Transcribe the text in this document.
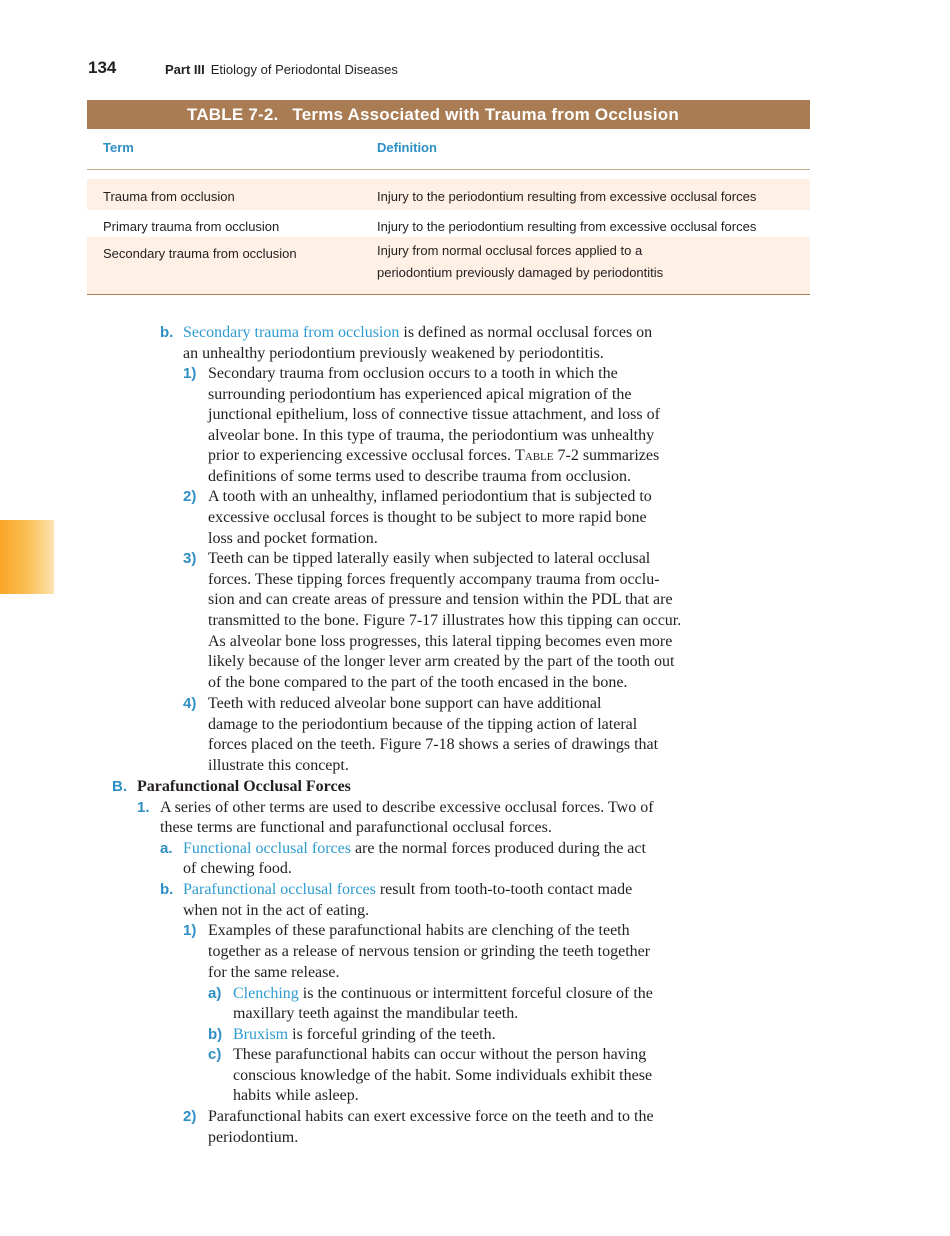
134	Part III Etiology of Periodontal Diseases
TABLE 7-2. Terms Associated with Trauma from Occlusion
Term	Definition
Trauma from occlusion	Injury to the periodontium resulting from excessive occlusal forces
Primary trauma from occlusion	Injury to the periodontium resulting from excessive occlusal forces
Secondary trauma from occlusion	Injury from normal occlusal forces applied to a
periodontium previously damaged by periodontitis
b. Secondary trauma from occlusion is defined as normal occlusal forces on
an unhealthy periodontium previously weakened by periodontitis.
1) Secondary trauma from occlusion occurs to a tooth in which the
surrounding periodontium has experienced apical migration of the
junctional epithelium, loss of connective tissue attachment, and loss of
alveolar bone. In this type of trauma, the periodontium was unhealthy
prior to experiencing excessive occlusal forces. Table 7-2 summarizes
definitions of some terms used to describe trauma from occlusion.
2) A tooth with an unhealthy, inflamed periodontium that is subjected to
excessive occlusal forces is thought to be subject to more rapid bone
loss and pocket formation.
3) Teeth can be tipped laterally easily when subjected to lateral occlusal
forces. These tipping forces frequently accompany trauma from occlu-
sion and can create areas of pressure and tension within the PDL that are
transmitted to the bone. Figure 7-17 illustrates how this tipping can occur.
As alveolar bone loss progresses, this lateral tipping becomes even more
likely because of the longer lever arm created by the part of the tooth out
of the bone compared to the part of the tooth encased in the bone.
4) Teeth with reduced alveolar bone support can have additional
damage to the periodontium because of the tipping action of lateral
forces placed on the teeth. Figure 7-18 shows a series of drawings that
illustrate this concept.
B. Parafunctional Occlusal Forces
1. A series of other terms are used to describe excessive occlusal forces. Two of
these terms are functional and parafunctional occlusal forces.
a. Functional occlusal forces are the normal forces produced during the act
of chewing food.
b. Parafunctional occlusal forces result from tooth-to-tooth contact made
when not in the act of eating.
1) Examples of these parafunctional habits are clenching of the teeth
together as a release of nervous tension or grinding the teeth together
for the same release.
a) Clenching is the continuous or intermittent forceful closure of the
maxillary teeth against the mandibular teeth.
b) Bruxism is forceful grinding of the teeth.
c) These parafunctional habits can occur without the person having
conscious knowledge of the habit. Some individuals exhibit these
habits while asleep.
2) Parafunctional habits can exert excessive force on the teeth and to the
periodontium.
